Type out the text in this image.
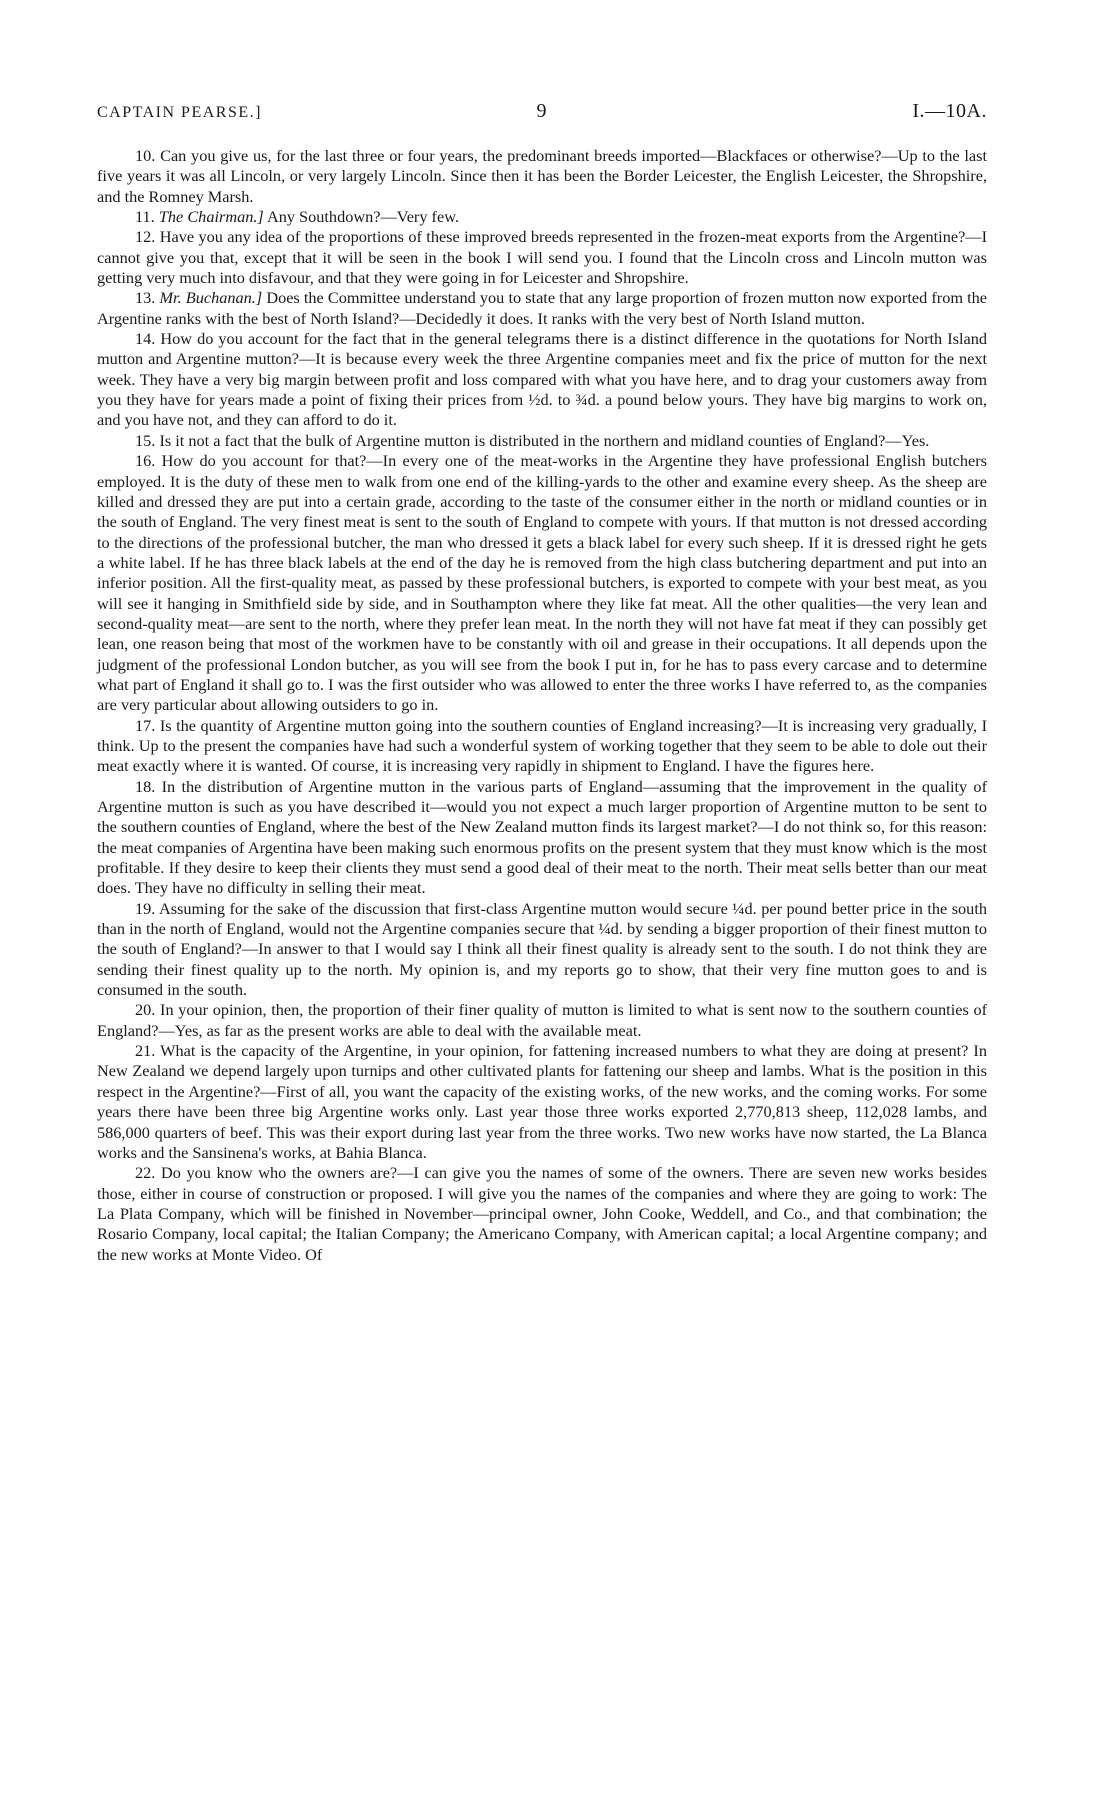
CAPTAIN PEARSE.]	9	I.—10A.

10. Can you give us, for the last three or four years, the predominant breeds imported—Blackfaces or otherwise?—Up to the last five years it was all Lincoln, or very largely Lincoln. Since then it has been the Border Leicester, the English Leicester, the Shropshire, and the Romney Marsh.

11. The Chairman.] Any Southdown?—Very few.

12. Have you any idea of the proportions of these improved breeds represented in the frozen-meat exports from the Argentine?—I cannot give you that, except that it will be seen in the book I will send you. I found that the Lincoln cross and Lincoln mutton was getting very much into disfavour, and that they were going in for Leicester and Shropshire.

13. Mr. Buchanan.] Does the Committee understand you to state that any large proportion of frozen mutton now exported from the Argentine ranks with the best of North Island?—Decidedly it does. It ranks with the very best of North Island mutton.

14. How do you account for the fact that in the general telegrams there is a distinct difference in the quotations for North Island mutton and Argentine mutton?—It is because every week the three Argentine companies meet and fix the price of mutton for the next week. They have a very big margin between profit and loss compared with what you have here, and to drag your customers away from you they have for years made a point of fixing their prices from ½d. to ¾d. a pound below yours. They have big margins to work on, and you have not, and they can afford to do it.

15. Is it not a fact that the bulk of Argentine mutton is distributed in the northern and midland counties of England?—Yes.

16. How do you account for that?—In every one of the meat-works in the Argentine they have professional English butchers employed. It is the duty of these men to walk from one end of the killing-yards to the other and examine every sheep. As the sheep are killed and dressed they are put into a certain grade, according to the taste of the consumer either in the north or midland counties or in the south of England. The very finest meat is sent to the south of England to compete with yours. If that mutton is not dressed according to the directions of the professional butcher, the man who dressed it gets a black label for every such sheep. If it is dressed right he gets a white label. If he has three black labels at the end of the day he is removed from the high class butchering department and put into an inferior position. All the first-quality meat, as passed by these professional butchers, is exported to compete with your best meat, as you will see it hanging in Smithfield side by side, and in Southampton where they like fat meat. All the other qualities—the very lean and second-quality meat—are sent to the north, where they prefer lean meat. In the north they will not have fat meat if they can possibly get lean, one reason being that most of the workmen have to be constantly with oil and grease in their occupations. It all depends upon the judgment of the professional London butcher, as you will see from the book I put in, for he has to pass every carcase and to determine what part of England it shall go to. I was the first outsider who was allowed to enter the three works I have referred to, as the companies are very particular about allowing outsiders to go in.

17. Is the quantity of Argentine mutton going into the southern counties of England increasing?—It is increasing very gradually, I think. Up to the present the companies have had such a wonderful system of working together that they seem to be able to dole out their meat exactly where it is wanted. Of course, it is increasing very rapidly in shipment to England. I have the figures here.

18. In the distribution of Argentine mutton in the various parts of England—assuming that the improvement in the quality of Argentine mutton is such as you have described it—would you not expect a much larger proportion of Argentine mutton to be sent to the southern counties of England, where the best of the New Zealand mutton finds its largest market?—I do not think so, for this reason: the meat companies of Argentina have been making such enormous profits on the present system that they must know which is the most profitable. If they desire to keep their clients they must send a good deal of their meat to the north. Their meat sells better than our meat does. They have no difficulty in selling their meat.

19. Assuming for the sake of the discussion that first-class Argentine mutton would secure ¼d. per pound better price in the south than in the north of England, would not the Argentine companies secure that ¼d. by sending a bigger proportion of their finest mutton to the south of England?—In answer to that I would say I think all their finest quality is already sent to the south. I do not think they are sending their finest quality up to the north. My opinion is, and my reports go to show, that their very fine mutton goes to and is consumed in the south.

20. In your opinion, then, the proportion of their finer quality of mutton is limited to what is sent now to the southern counties of England?—Yes, as far as the present works are able to deal with the available meat.

21. What is the capacity of the Argentine, in your opinion, for fattening increased numbers to what they are doing at present? In New Zealand we depend largely upon turnips and other cultivated plants for fattening our sheep and lambs. What is the position in this respect in the Argentine?—First of all, you want the capacity of the existing works, of the new works, and the coming works. For some years there have been three big Argentine works only. Last year those three works exported 2,770,813 sheep, 112,028 lambs, and 586,000 quarters of beef. This was their export during last year from the three works. Two new works have now started, the La Blanca works and the Sansinena's works, at Bahia Blanca.

22. Do you know who the owners are?—I can give you the names of some of the owners. There are seven new works besides those, either in course of construction or proposed. I will give you the names of the companies and where they are going to work: The La Plata Company, which will be finished in November—principal owner, John Cooke, Weddell, and Co., and that combination; the Rosario Company, local capital; the Italian Company; the Americano Company, with American capital; a local Argentine company; and the new works at Monte Video. Of
